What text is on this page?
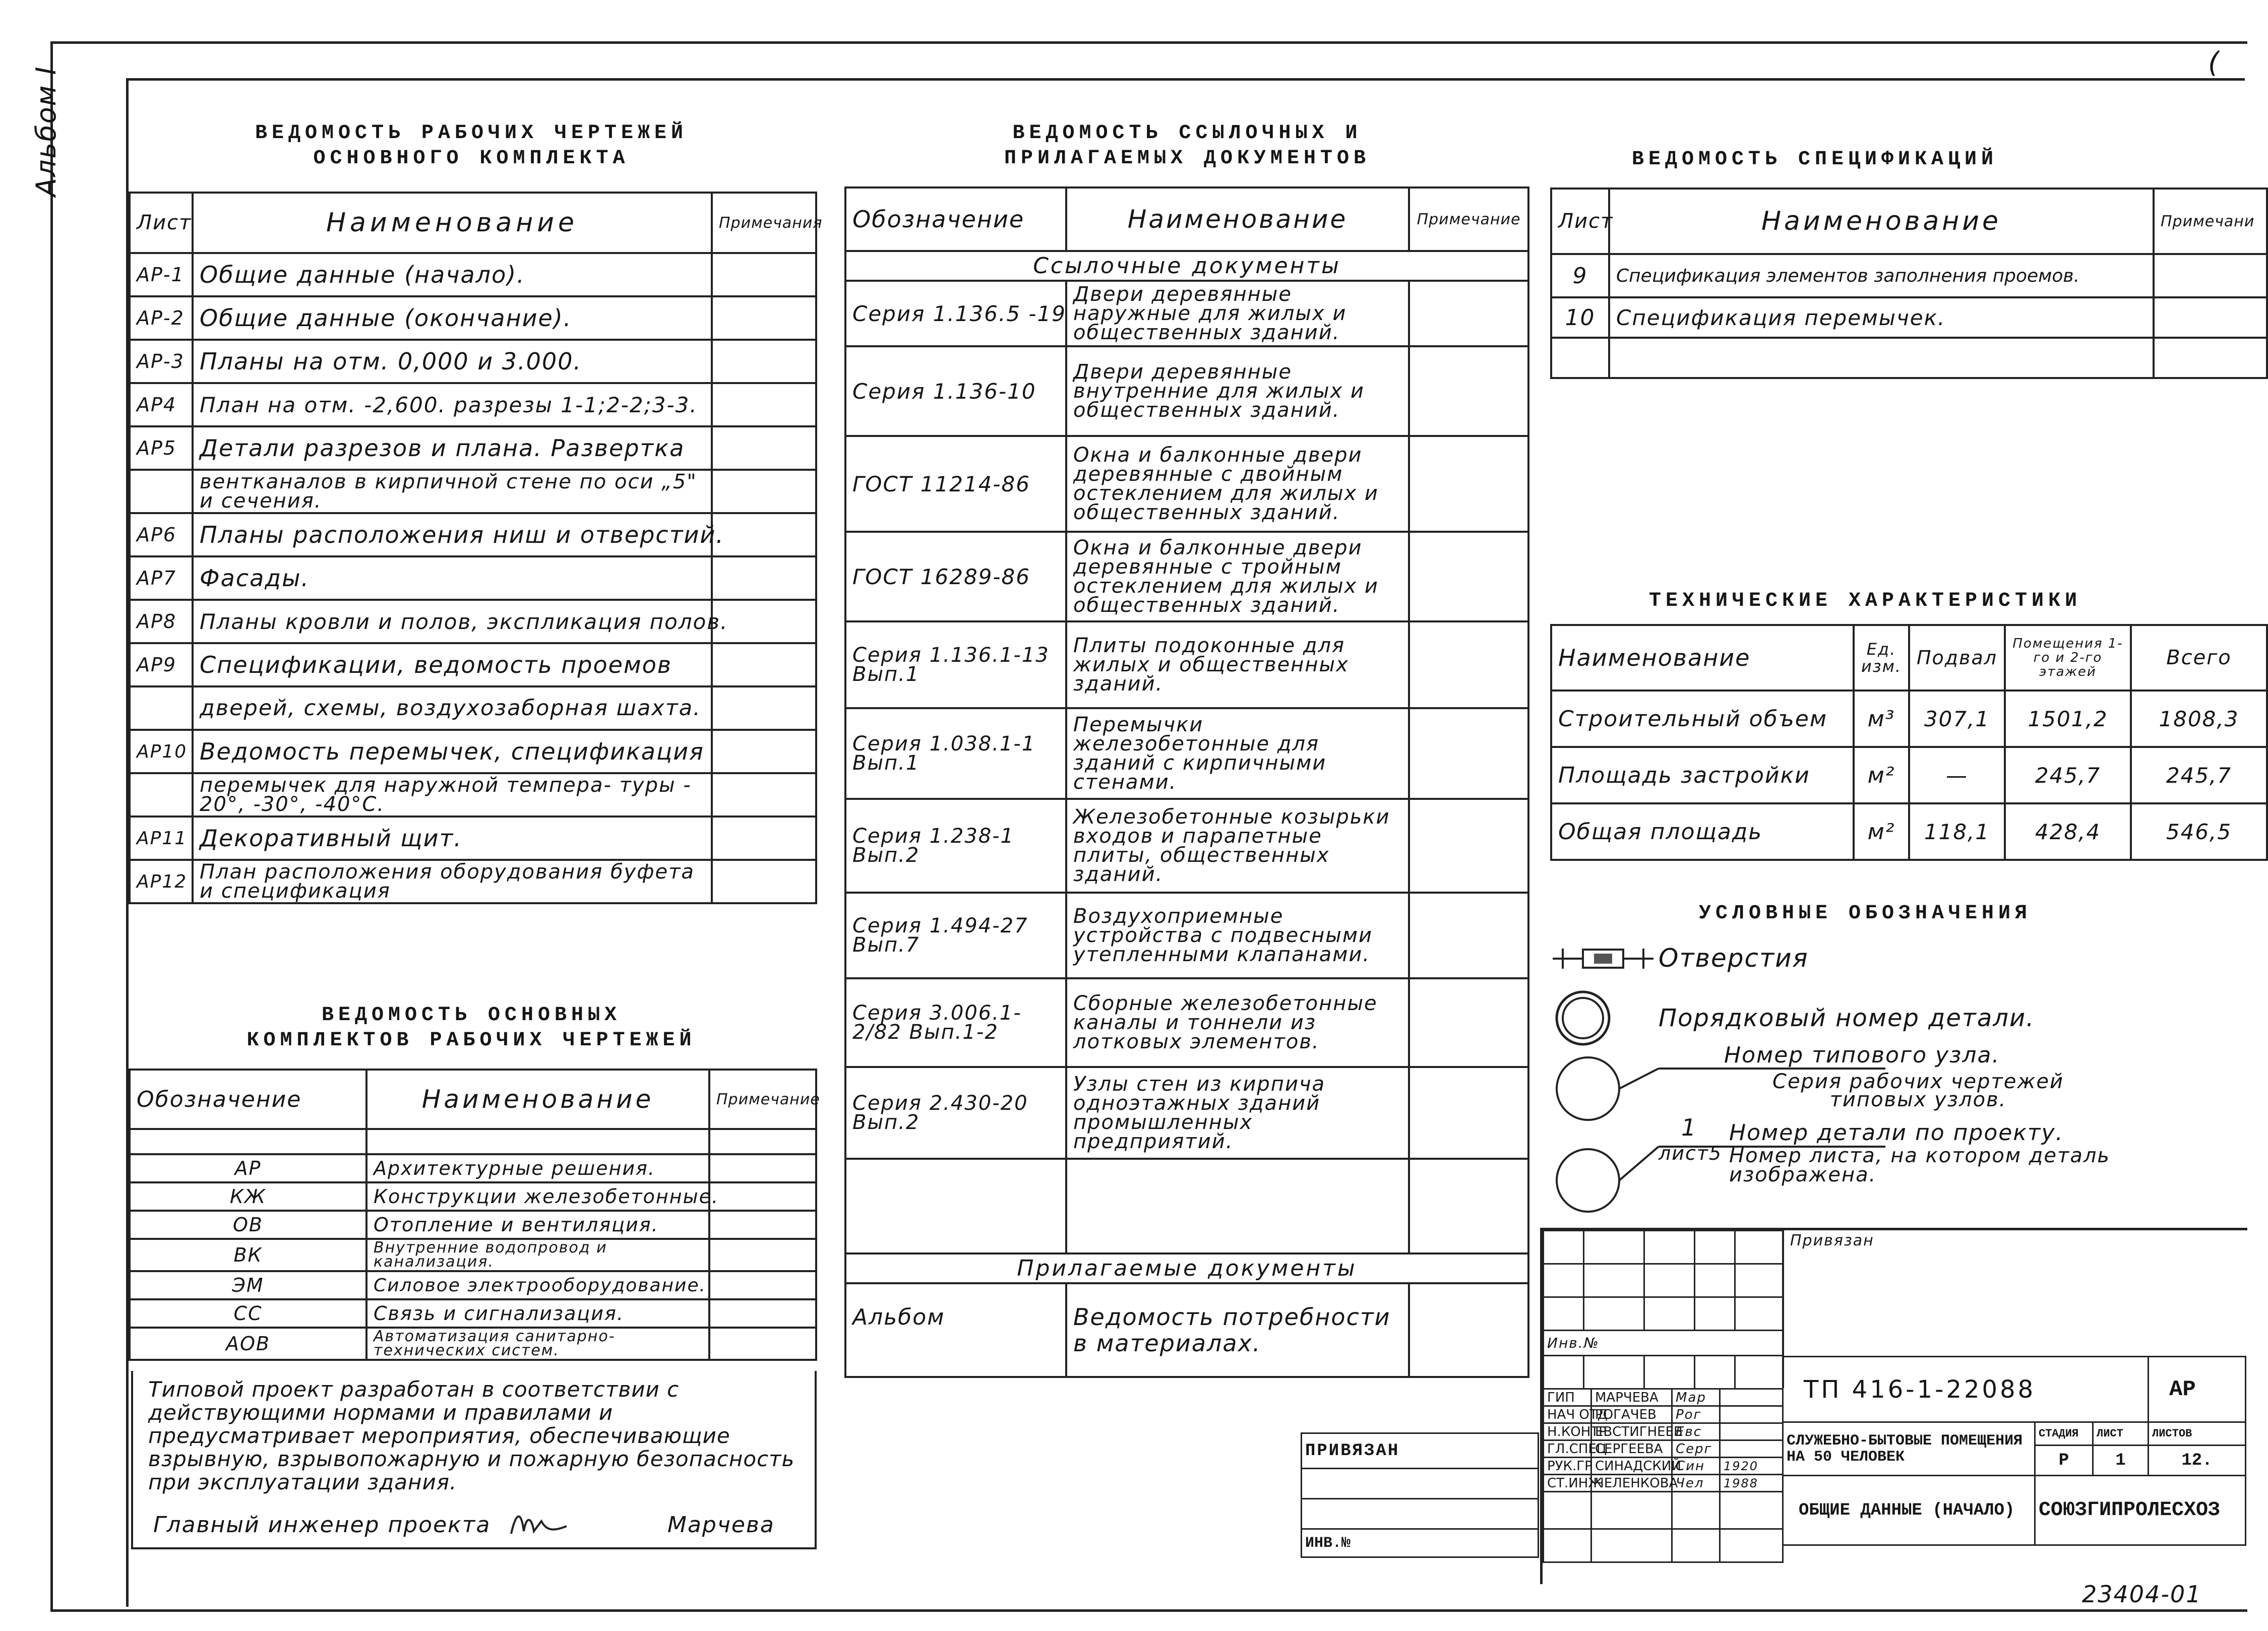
(
Альбом I	ВЕДОМОСТЬ РАБОЧИХ ЧЕРТЕЖЕЙ
ОСНОВНОГО КОМПЛЕКТА
Лист	Наименование	Примечания
АР-1	Общие данные (начало).	
АР-2	Общие данные (окончание).	
АР-3	Планы на отм. 0,000 и 3.000.	
АР4	План на отм. -2,600. разрезы 1-1;2-2;3-3.	
АР5	Детали разрезов и плана. Развертка	
	вентканалов в кирпичной стене по оси „5" и сечения.	
АР6	Планы расположения ниш и отверстий.	
АР7	Фасады.	
АР8	Планы кровли и полов, экспликация полов.	
АР9	Спецификации, ведомость проемов	
	дверей, схемы, воздухозаборная шахта.	
АР10	Ведомость перемычек, спецификация	
	перемычек для наружной темпера- туры - 20°, -30°, -40°С.	
АР11	Декоративный щит.	
АР12	План расположения оборудования буфета и спецификация	
ВЕДОМОСТЬ ОСНОВНЫХ
КОМПЛЕКТОВ РАБОЧИХ ЧЕРТЕЖЕЙ
Обозначение	Наименование	Примечание

АР	Архитектурные решения.	
КЖ	Конструкции железобетонные.	
ОВ	Отопление и вентиляция.	
ВК	Внутренние водопровод и канализация.	
ЭМ	Силовое электрооборудование.	
СС	Связь и сигнализация.	
АОВ	Автоматизация санитарно- технических систем.	
Типовой проект разработан в соответствии с действующими нормами и правилами и предусматривает мероприятия, обеспечивающие взрывную, взрывопожарную и пожарную безопасность при эксплуатации здания.
Главный инженер проекта	Марчева
ВЕДОМОСТЬ ССЫЛОЧНЫХ И
ПРИЛАГАЕМЫХ ДОКУМЕНТОВ
Обозначение	Наименование	Примечание
Ссылочные документы		
Серия 1.136.5 -19	Двери деревянные наружные для жилых и общественных зданий.	
Серия 1.136-10	Двери деревянные внутренние для жилых и общественных зданий.	
ГОСТ 11214-86	Окна и балконные двери деревянные с двойным остеклением для жилых и общественных зданий.	
ГОСТ 16289-86	Окна и балконные двери деревянные с тройным остеклением для жилых и общественных зданий.	
Серия 1.136.1-13 Вып.1	Плиты подоконные для жилых и общественных зданий.	
Серия 1.038.1-1 Вып.1	Перемычки железобетонные для зданий с кирпичными стенами.	
Серия 1.238-1 Вып.2	Железобетонные козырьки входов и парапетные плиты, общественных зданий.	
Серия 1.494-27 Вып.7	Воздухоприемные устройства с подвесными утепленными клапанами.	
Серия 3.006.1-2/82 Вып.1-2	Сборные железобетонные каналы и тоннели из лотковых элементов.	
Серия 2.430-20 Вып.2	Узлы стен из кирпича одноэтажных зданий промышленных предприятий.	

Прилагаемые документы		
Альбом	Ведомость потребности в материалах.	
ВЕДОМОСТЬ СПЕЦИФИКАЦИЙ
Лист	Наименование	Примечани
9	Спецификация элементов заполнения проемов.	
10	Спецификация перемычек.	

ТЕХНИЧЕСКИЕ ХАРАКТЕРИСТИКИ
Наименование	Ед. изм.	Подвал	Помещения 1-го и 2-го этажей	Всего
Строительный объем	м³	307,1	1501,2	1808,3
Площадь застройки	м²	—	245,7	245,7
Общая площадь	м²	118,1	428,4	546,5
УСЛОВНЫЕ ОБОЗНАЧЕНИЯ
Отверстия
Порядковый номер детали.
Номер типового узла.
Серия рабочих чертежей типовых узлов.
1
лист5
Номер детали по проекту.
Номер листа, на котором деталь изображена.
ПРИВЯЗАН

ИНВ.№

Инв.№				

Привязан
ГИП	МАРЧЕВА	Мар	
НАЧ ОТД	РОГАЧЕВ	Рог	
Н.КОНТР	ЕВСТИГНЕЕВ	Евс	
ГЛ.СПЕЦ	СЕРГЕЕВА	Серг	
РУК.ГР	СИНАДСКИЙ	Син	1920
СТ.ИНЖ	ЧЕЛЕНКОВА	Чел	1988

ТП 416-1-22088			АР
СЛУЖЕБНО-БЫТОВЫЕ ПОМЕЩЕНИЯ НА 50 ЧЕЛОВЕК	СТАДИЯ	ЛИСТ	ЛИСТОВ
	Р	1	12.
ОБЩИЕ ДАННЫЕ (НАЧАЛО)	СОЮЗГИПРОЛЕСХОЗ		
23404-01
